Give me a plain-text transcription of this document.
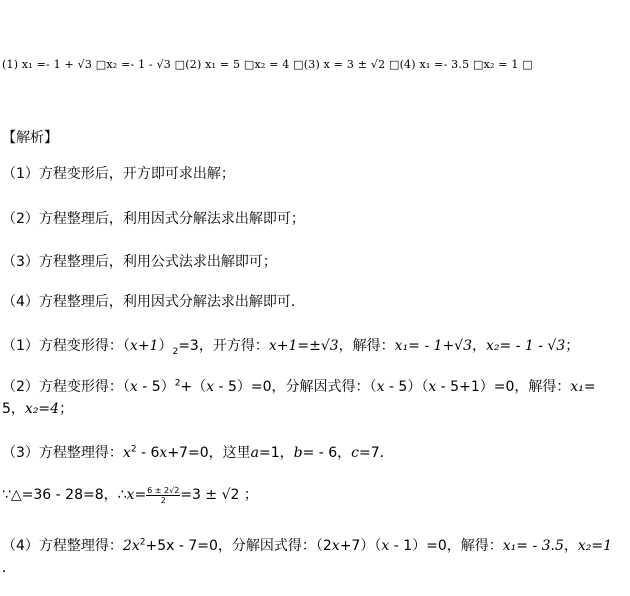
(1) x₁ =- 1 + √3 □x₂ =- 1 - √3 □(2) x₁ = 5 □x₂ = 4 □(3) x = 3 ± √2 □(4) x₁ =- 3.5 □x₂ = 1 □
【解析】
（1）方程变形后，开方即可求出解；
（2）方程整理后，利用因式分解法求出解即可；
（3）方程整理后，利用公式法求出解即可；
（4）方程整理后，利用因式分解法求出解即可．
（1）方程变形得：$(x+1)_2=3$，开方得：x+1=±√3，解得：x₁= - 1+√3，x₂= - 1 - √3；
（2）方程变形得：（x - 5）$^2$+（x - 5）=0，分解因式得：（x - 5）（x - 5+1）=0，解得：x₁=
5，x₂=4；
（3）方程整理得：$x^2 - 6x+7=0$，这里a=1，b= - 6，c=7．
∵△=36 - 28=8，∴x= $\frac{6 \pm 2√2}{2} =3 \pm √2$ ；
（4）方程整理得：$2x^2+5x - 7=0$，分解因式得：（2x+7）（x - 1）=0，解得：x₁= - 3.5，x₂=1
．
